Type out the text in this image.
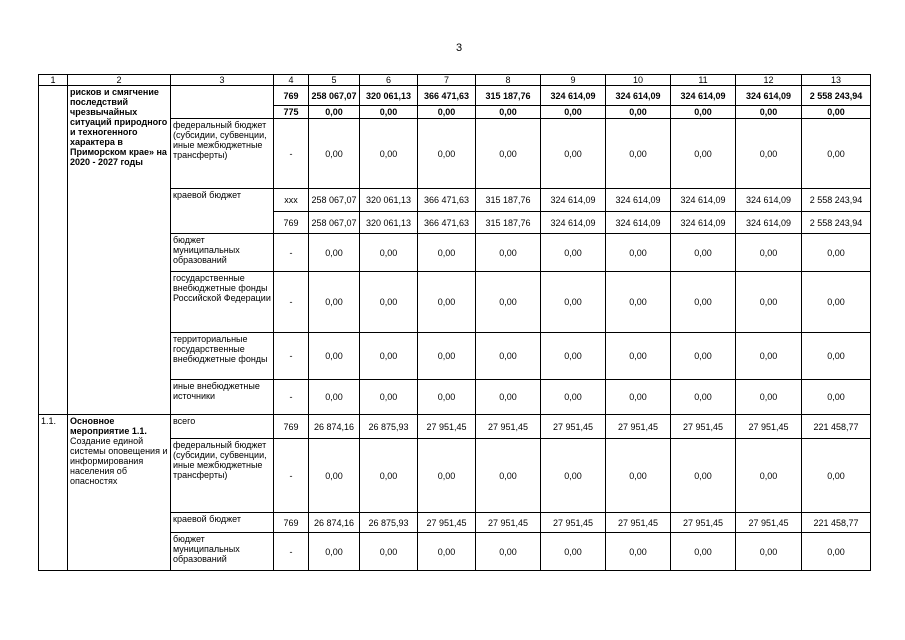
3
1	2	3	4	5	6	7	8	9	10	11	12	13
	рисков и смягчение последствий чрезвычайных ситуаций природного и техногенного характера в Приморском крае» на 2020 - 2027 годы		769	258 067,07	320 061,13	366 471,63	315 187,76	324 614,09	324 614,09	324 614,09	324 614,09	2 558 243,94
			775	0,00	0,00	0,00	0,00	0,00	0,00	0,00	0,00	0,00
		федеральный бюджет (субсидии, субвенции, иные межбюджетные трансферты)	-	0,00	0,00	0,00	0,00	0,00	0,00	0,00	0,00	0,00
		краевой бюджет	ххх	258 067,07	320 061,13	366 471,63	315 187,76	324 614,09	324 614,09	324 614,09	324 614,09	2 558 243,94
			769	258 067,07	320 061,13	366 471,63	315 187,76	324 614,09	324 614,09	324 614,09	324 614,09	2 558 243,94
		бюджет муниципальных образований	-	0,00	0,00	0,00	0,00	0,00	0,00	0,00	0,00	0,00
		государственные внебюджетные фонды Российской Федерации	-	0,00	0,00	0,00	0,00	0,00	0,00	0,00	0,00	0,00
		территориальные государственные внебюджетные фонды	-	0,00	0,00	0,00	0,00	0,00	0,00	0,00	0,00	0,00
		иные внебюджетные источники	-	0,00	0,00	0,00	0,00	0,00	0,00	0,00	0,00	0,00
1.1.	Основное мероприятие 1.1. Создание единой системы оповещения и информирования населения об опасностях	всего	769	26 874,16	26 875,93	27 951,45	27 951,45	27 951,45	27 951,45	27 951,45	27 951,45	221 458,77
		федеральный бюджет (субсидии, субвенции, иные межбюджетные трансферты)	-	0,00	0,00	0,00	0,00	0,00	0,00	0,00	0,00	0,00
		краевой бюджет	769	26 874,16	26 875,93	27 951,45	27 951,45	27 951,45	27 951,45	27 951,45	27 951,45	221 458,77
		бюджет муниципальных образований	-	0,00	0,00	0,00	0,00	0,00	0,00	0,00	0,00	0,00
